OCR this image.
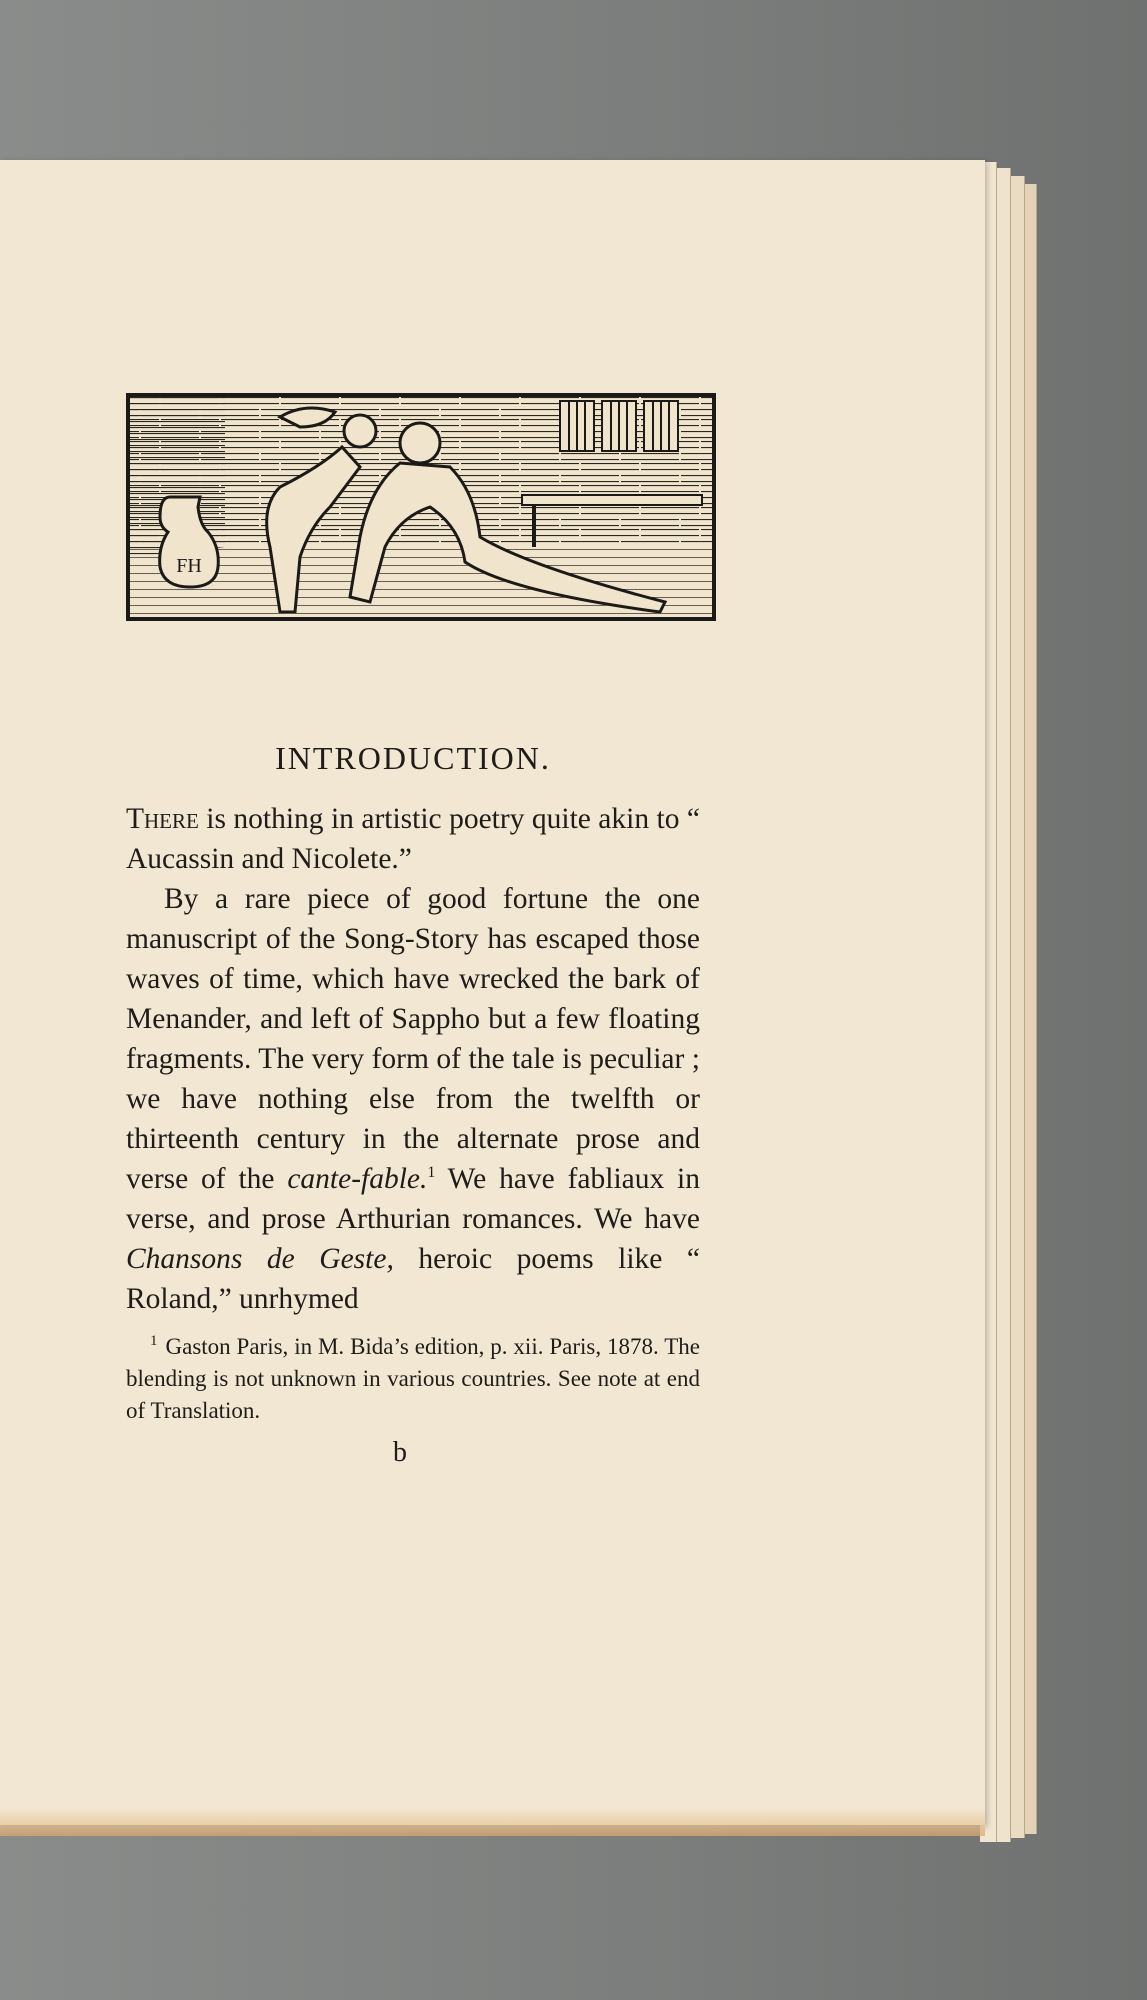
FH
INTRODUCTION.

There is nothing in artistic poetry quite akin to “ Aucassin and Nicolete.”

By a rare piece of good fortune the one manuscript of the Song-Story has escaped those waves of time, which have wrecked the bark of Menander, and left of Sappho but a few floating fragments. The very form of the tale is peculiar ; we have nothing else from the twelfth or thirteenth century in the alternate prose and verse of the cante-fable.$^1$ We have fabliaux in verse, and prose Arthurian romances. We have Chansons de Geste, heroic poems like “ Roland,” unrhymed

$^1$ Gaston Paris, in M. Bida’s edition, p. xii. Paris, 1878. The blending is not unknown in various countries. See note at end of Translation.

b
